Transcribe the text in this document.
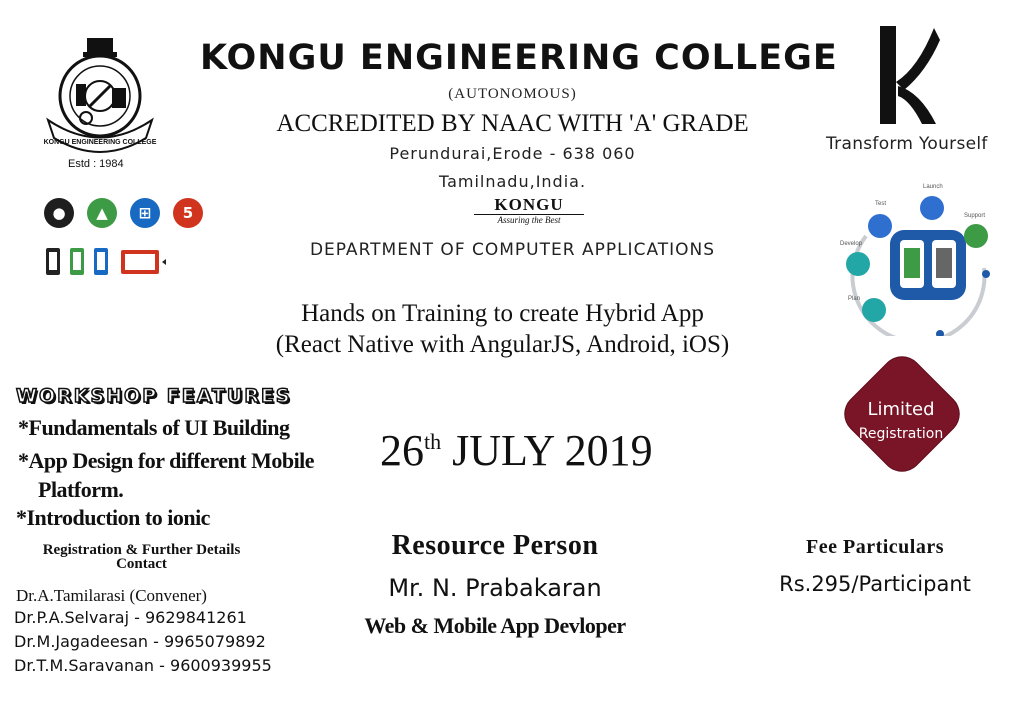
KONGU ENGINEERING COLLEGE
Estd : 1984
●	▲	⊞	5
KONGU ENGINEERING COLLEGE
(AUTONOMOUS)
ACCREDITED BY NAAC WITH 'A' GRADE
Perundurai,Erode - 638 060
Tamilnadu,India.
KONGU
Assuring the Best
DEPARTMENT OF COMPUTER APPLICATIONS
Transform Yourself
Test
Launch
Support
Develop
Plan
Hands on Training to create Hybrid App
(React Native with AngularJS, Android, iOS)
WORKSHOP FEATURES
*Fundamentals of UI Building
*App Design for different Mobile
Platform.
*Introduction to ionic
26th JULY 2019
Limited
Registration
Registration & Further Details
Contact
Dr.A.Tamilarasi (Convener)
Dr.P.A.Selvaraj - 9629841261
Dr.M.Jagadeesan - 9965079892
Dr.T.M.Saravanan - 9600939955
Resource Person
Mr. N. Prabakaran
Web & Mobile App Devloper
Fee Particulars
Rs.295/Participant
